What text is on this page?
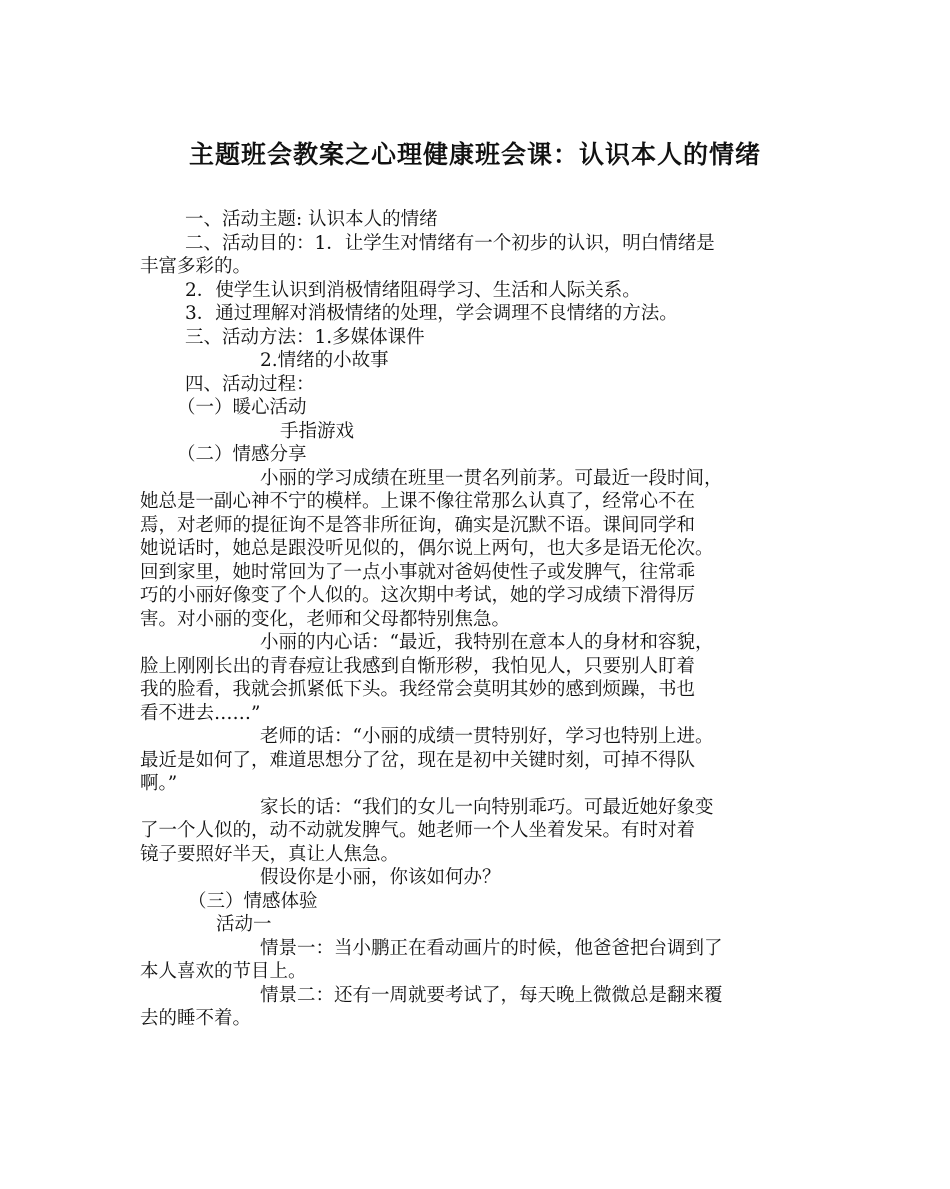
主题班会教案之心理健康班会课：认识本人的情绪
一、活动主题: 认识本人的情绪
二、活动目的：1．让学生对情绪有一个初步的认识，明白情绪是
丰富多彩的。
2．使学生认识到消极情绪阻碍学习、生活和人际关系。
3．通过理解对消极情绪的处理，学会调理不良情绪的方法。
三、活动方法：1.多媒体课件
2.情绪的小故事
四、活动过程：
（一）暖心活动
手指游戏
（二）情感分享
小丽的学习成绩在班里一贯名列前茅。可最近一段时间，
她总是一副心神不宁的模样。上课不像往常那么认真了，经常心不在
焉，对老师的提征询不是答非所征询，确实是沉默不语。课间同学和
她说话时，她总是跟没听见似的，偶尔说上两句，也大多是语无伦次。
回到家里，她时常回为了一点小事就对爸妈使性子或发脾气，往常乖
巧的小丽好像变了个人似的。这次期中考试，她的学习成绩下滑得厉
害。对小丽的变化，老师和父母都特别焦急。
小丽的内心话：“最近，我特别在意本人的身材和容貌，
脸上刚刚长出的青春痘让我感到自惭形秽，我怕见人，只要别人盯着
我的脸看，我就会抓紧低下头。我经常会莫明其妙的感到烦躁，书也
看不进去……”
老师的话：“小丽的成绩一贯特别好，学习也特别上进。
最近是如何了，难道思想分了岔，现在是初中关键时刻，可掉不得队
啊。”
家长的话：“我们的女儿一向特别乖巧。可最近她好象变
了一个人似的，动不动就发脾气。她老师一个人坐着发呆。有时对着
镜子要照好半天，真让人焦急。
假设你是小丽，你该如何办？
（三）情感体验
活动一
情景一：当小鹏正在看动画片的时候，他爸爸把台调到了
本人喜欢的节目上。
情景二：还有一周就要考试了，每天晚上微微总是翻来覆
去的睡不着。
